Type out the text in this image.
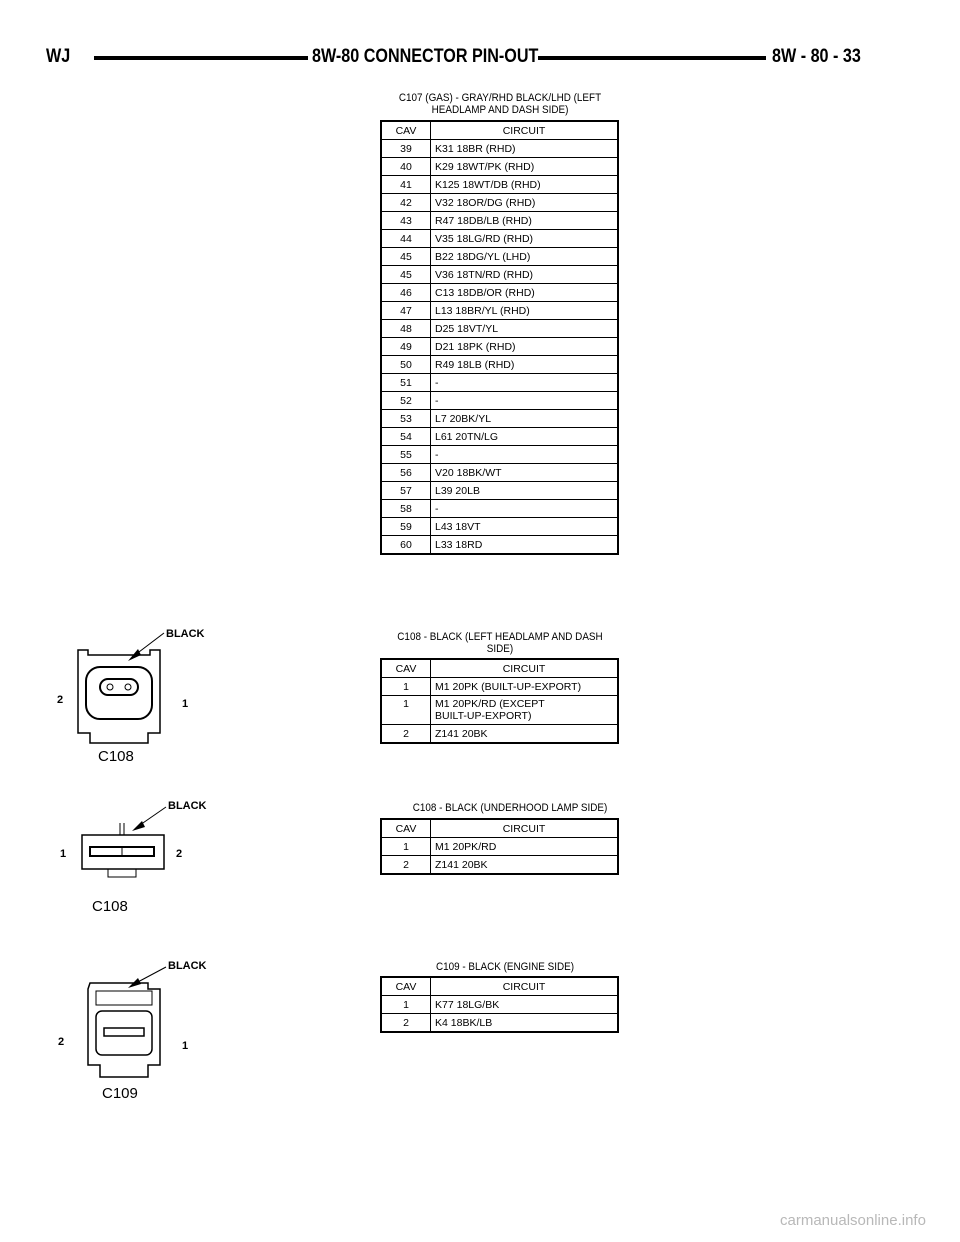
WJ	8W-80 CONNECTOR PIN-OUT	8W - 80 - 33
C107 (GAS) - GRAY/RHD BLACK/LHD (LEFT
HEADLAMP AND DASH SIDE)
CAV	CIRCUIT
39	K31 18BR (RHD)
40	K29 18WT/PK (RHD)
41	K125 18WT/DB (RHD)
42	V32 18OR/DG (RHD)
43	R47 18DB/LB (RHD)
44	V35 18LG/RD (RHD)
45	B22 18DG/YL (LHD)
45	V36 18TN/RD (RHD)
46	C13 18DB/OR (RHD)
47	L13 18BR/YL (RHD)
48	D25 18VT/YL
49	D21 18PK (RHD)
50	R49 18LB (RHD)
51	-
52	-
53	L7 20BK/YL
54	L61 20TN/LG
55	-
56	V20 18BK/WT
57	L39 20LB
58	-
59	L43 18VT
60	L33 18RD
C108 - BLACK (LEFT HEADLAMP AND DASH
SIDE)
CAV	CIRCUIT
1	M1 20PK (BUILT-UP-EXPORT)
1	M1 20PK/RD (EXCEPT
BUILT-UP-EXPORT)
2	Z141 20BK
C108 - BLACK (UNDERHOOD LAMP SIDE)
CAV	CIRCUIT
1	M1 20PK/RD
2	Z141 20BK
C109 - BLACK (ENGINE SIDE)
CAV	CIRCUIT
1	K77 18LG/BK
2	K4 18BK/LB
BLACK
2	1
C108
BLACK
1	2
C108
BLACK
2	1
C109
carmanualsonline.info
